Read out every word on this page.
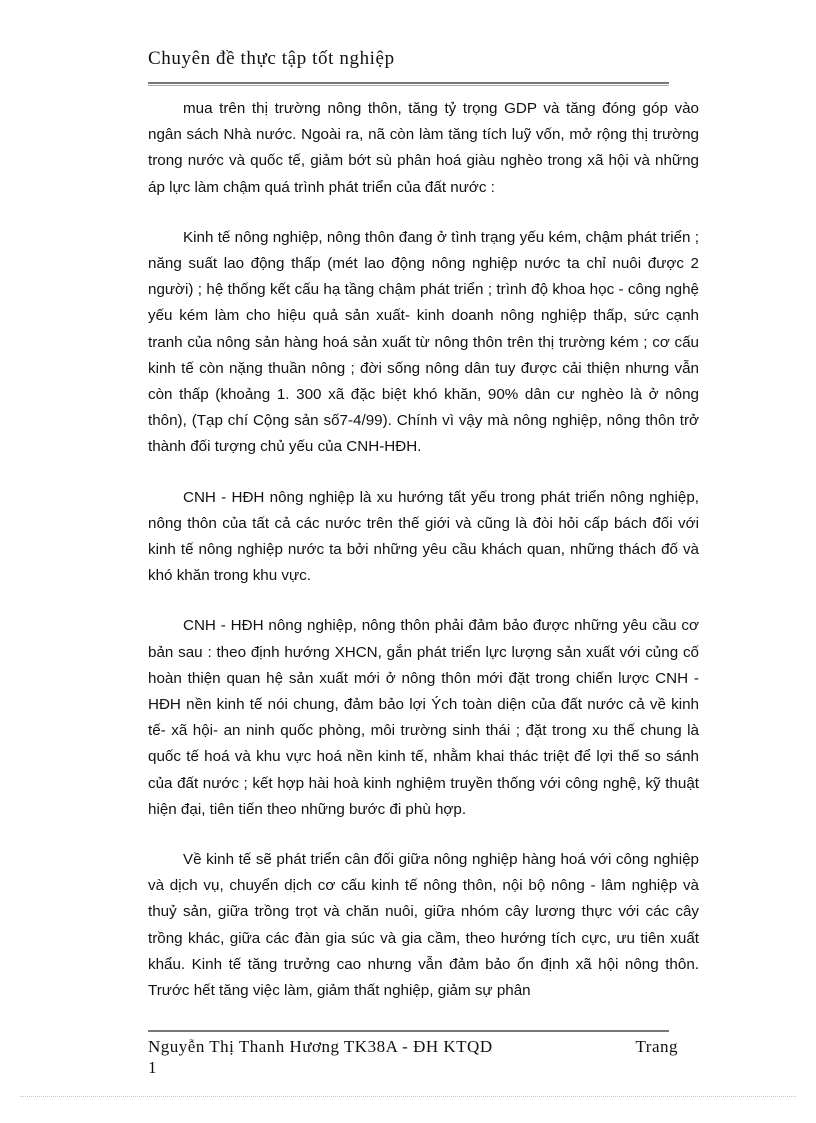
Chuyên đề thực tập tốt nghiệp

mua trên thị trường nông thôn, tăng tỷ trọng GDP và tăng đóng góp vào ngân sách Nhà nước. Ngoài ra, nã còn làm tăng tích luỹ vốn, mở rộng thị trường trong nước và quốc tế, giảm bớt sù phân hoá giàu nghèo trong xã hội và những áp lực làm chậm quá trình phát triển của đất nước :

Kinh tế nông nghiệp, nông thôn đang ở tình trạng yếu kém, chậm phát triển ; năng suất lao động thấp (mét lao động nông nghiệp nước ta chỉ nuôi được 2 người) ; hệ thống kết cấu hạ tầng chậm phát triển ; trình độ khoa học - công nghệ yếu kém làm cho hiệu quả sản xuất- kinh doanh nông nghiệp thấp, sức cạnh tranh của nông sản hàng hoá sản xuất từ nông thôn trên thị trường kém ; cơ cấu kinh tế còn nặng thuần nông ; đời sống nông dân tuy được cải thiện nhưng vẫn còn thấp (khoảng 1. 300 xã đặc biệt khó khăn, 90% dân cư nghèo là ở nông thôn), (Tạp chí Cộng sản số7-4/99). Chính vì vậy mà nông nghiệp, nông thôn trở thành đối tượng chủ yếu của CNH-HĐH.

CNH - HĐH nông nghiệp là xu hướng tất yếu trong phát triển nông nghiệp, nông thôn của tất cả các nước trên thế giới và cũng là đòi hỏi cấp bách đối với kinh tế nông nghiệp nước ta bởi những yêu cầu khách quan, những thách đố và khó khăn trong khu vực.

CNH - HĐH nông nghiệp, nông thôn phải đảm bảo được những yêu cầu cơ bản sau : theo định hướng XHCN, gắn phát triển lực lượng sản xuất với củng cố hoàn thiện quan hệ sản xuất mới ở nông thôn mới đặt trong chiến lược CNH - HĐH nền kinh tế nói chung, đảm bảo lợi Ých toàn diện của đất nước cả về kinh tế- xã hội- an ninh quốc phòng, môi trường sinh thái ; đặt trong xu thế chung là quốc tế hoá và khu vực hoá nền kinh tế, nhằm khai thác triệt để lợi thế so sánh của đất nước ; kết hợp hài hoà kinh nghiệm truyền thống với công nghệ, kỹ thuật hiện đại, tiên tiến theo những bước đi phù hợp.

Về kinh tế sẽ phát triển cân đối giữa nông nghiệp hàng hoá với công nghiệp và dịch vụ, chuyển dịch cơ cấu kinh tế nông thôn, nội bộ nông - lâm nghiệp và thuỷ sản, giữa trồng trọt và chăn nuôi, giữa nhóm cây lương thực với các cây trồng khác, giữa các đàn gia súc và gia cầm, theo hướng tích cực, ưu tiên xuất khẩu. Kinh tế tăng trưởng cao nhưng vẫn đảm bảo ổn định xã hội nông thôn. Trước hết tăng việc làm, giảm thất nghiệp, giảm sự phân

Nguyễn Thị Thanh Hương TK38A - ĐH KTQD	Trang
1
